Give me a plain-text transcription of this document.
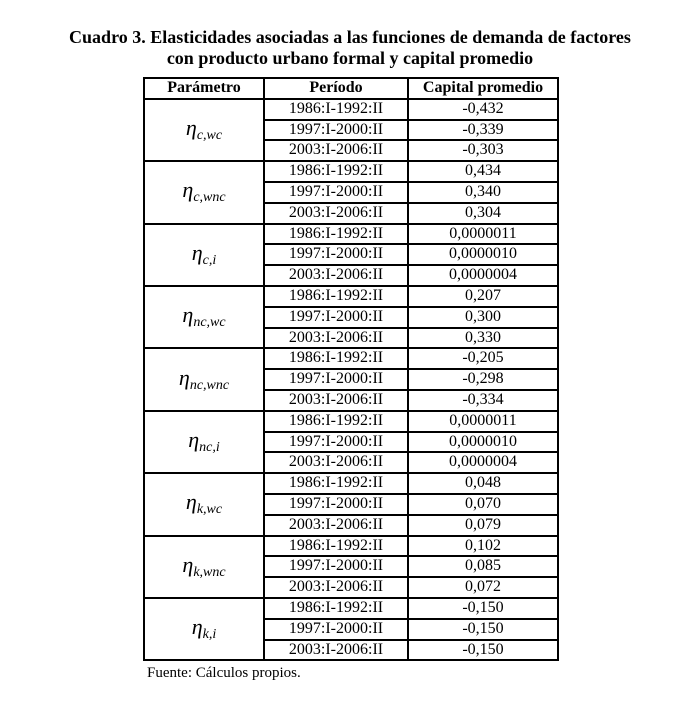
Cuadro 3. Elasticidades asociadas a las funciones de demanda de factores
con producto urbano formal y capital promedio
Parámetro	Período	Capital promedio
ηc,wc	1986:I-1992:II	-0,432
	1997:I-2000:II	-0,339
	2003:I-2006:II	-0,303
ηc,wnc	1986:I-1992:II	0,434
	1997:I-2000:II	0,340
	2003:I-2006:II	0,304
ηc,i	1986:I-1992:II	0,0000011
	1997:I-2000:II	0,0000010
	2003:I-2006:II	0,0000004
ηnc,wc	1986:I-1992:II	0,207
	1997:I-2000:II	0,300
	2003:I-2006:II	0,330
ηnc,wnc	1986:I-1992:II	-0,205
	1997:I-2000:II	-0,298
	2003:I-2006:II	-0,334
ηnc,i	1986:I-1992:II	0,0000011
	1997:I-2000:II	0,0000010
	2003:I-2006:II	0,0000004
ηk,wc	1986:I-1992:II	0,048
	1997:I-2000:II	0,070
	2003:I-2006:II	0,079
ηk,wnc	1986:I-1992:II	0,102
	1997:I-2000:II	0,085
	2003:I-2006:II	0,072
ηk,i	1986:I-1992:II	-0,150
	1997:I-2000:II	-0,150
	2003:I-2006:II	-0,150
Fuente: Cálculos propios.
